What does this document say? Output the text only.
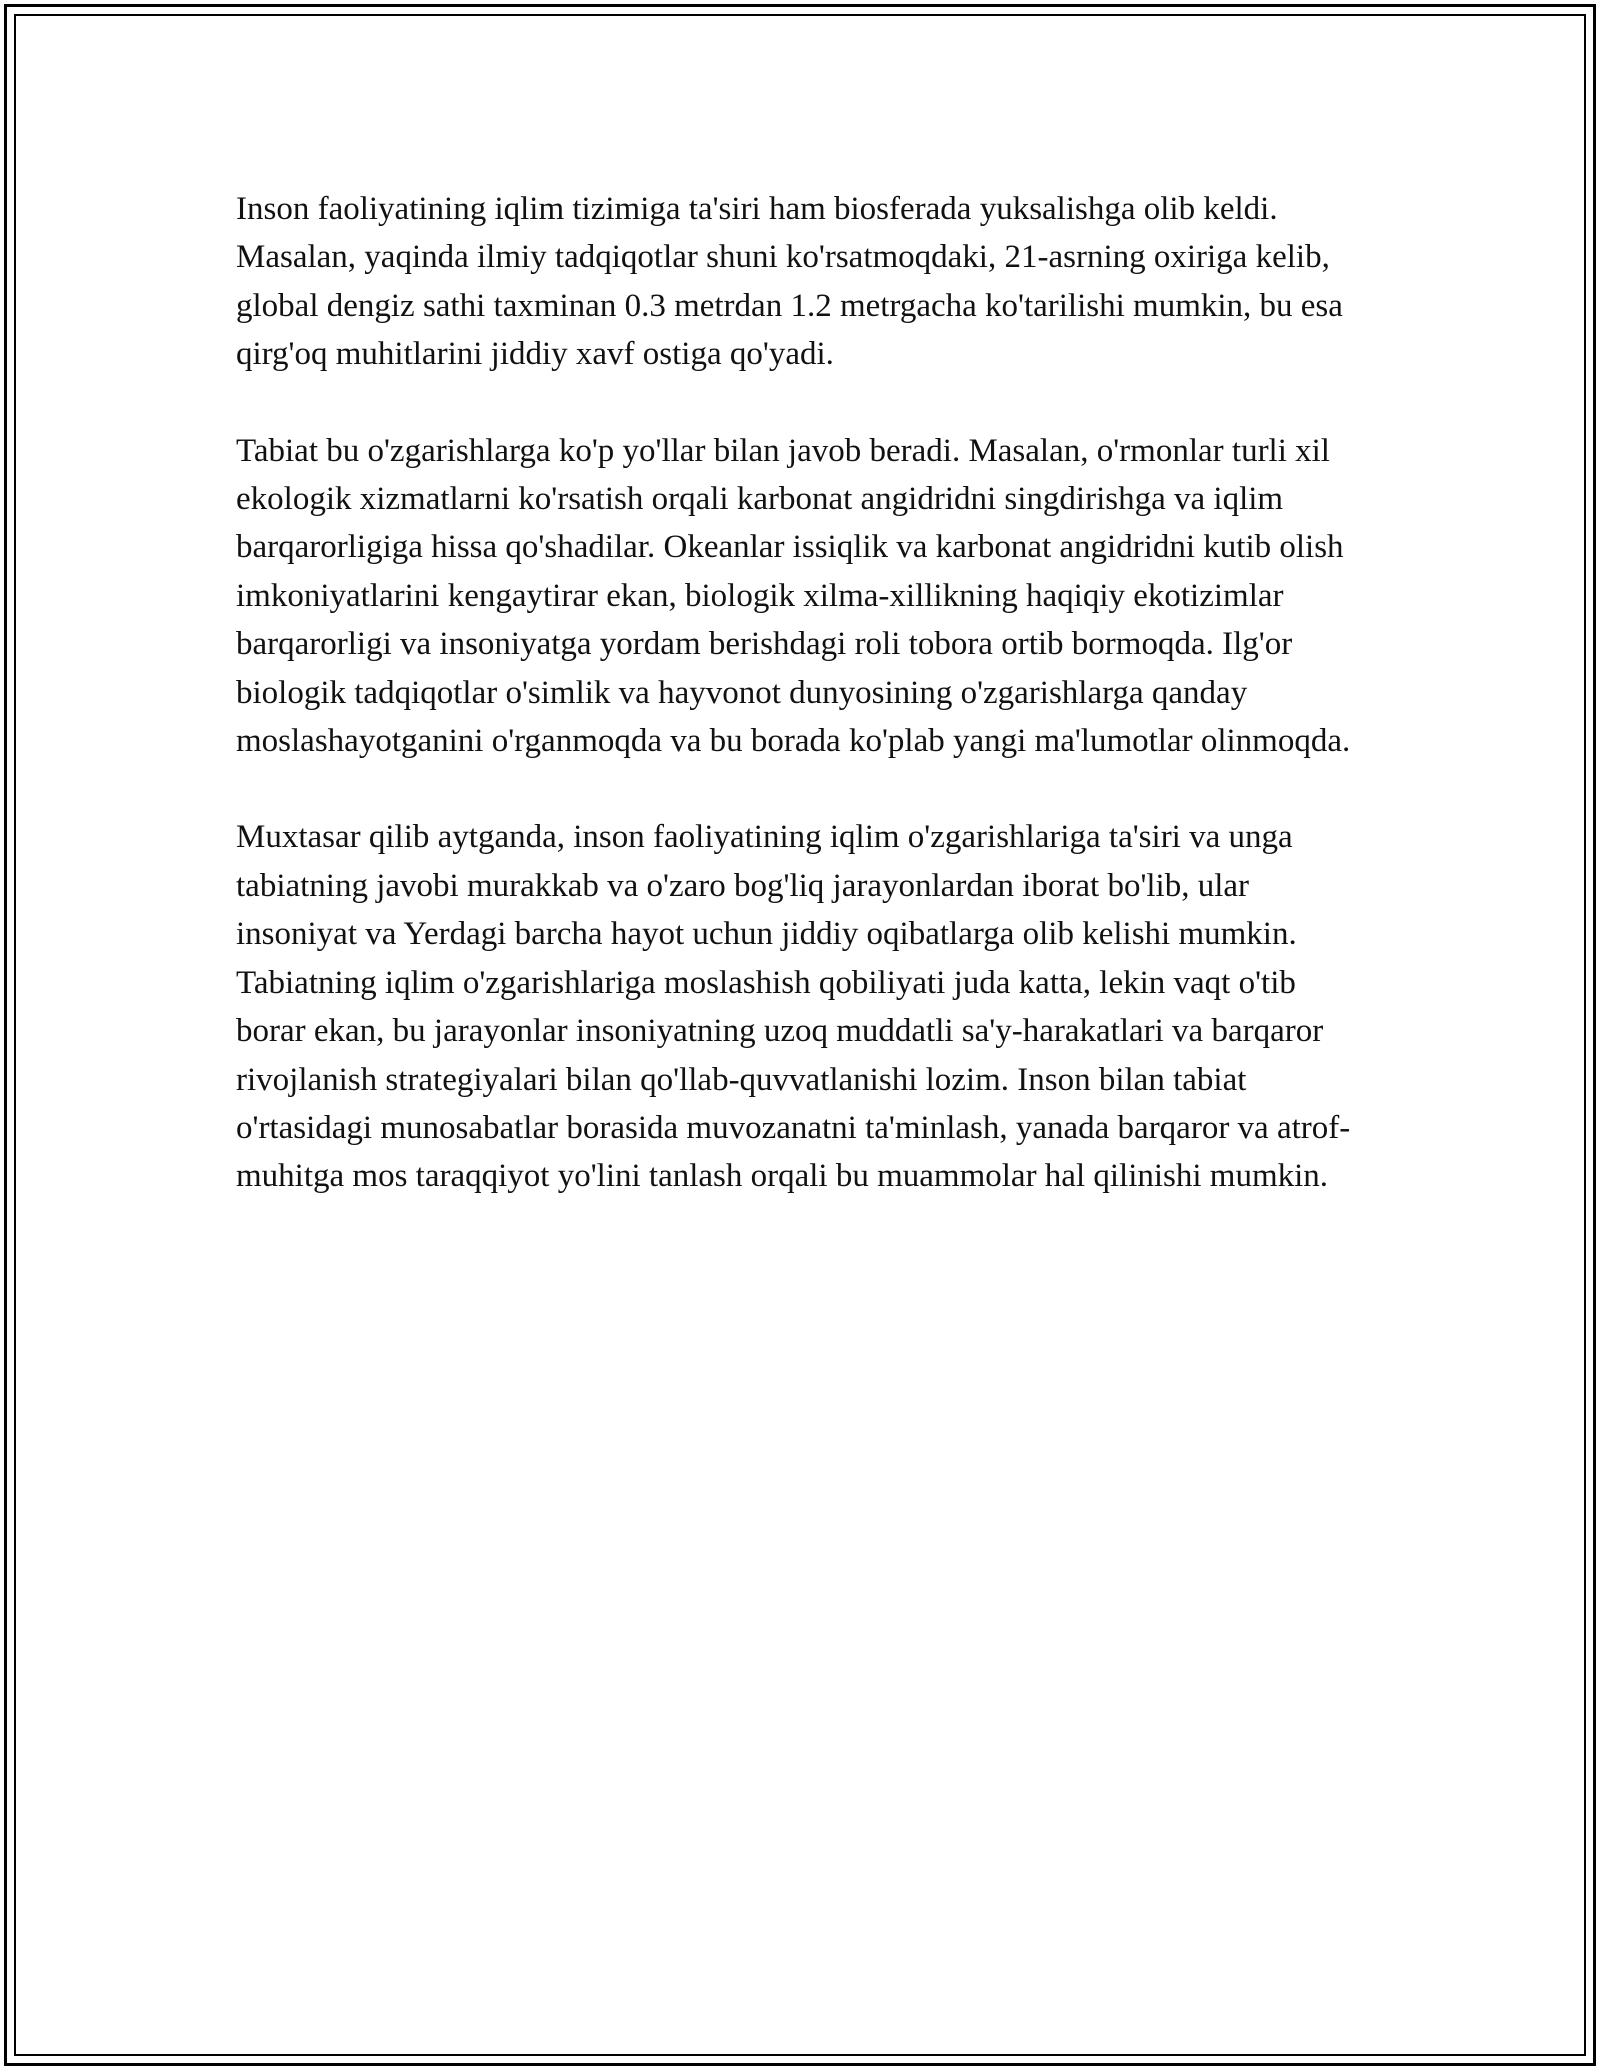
Inson faoliyatining iqlim tizimiga ta'siri ham biosferada yuksalishga olib keldi. Masalan, yaqinda ilmiy tadqiqotlar shuni ko'rsatmoqdaki, 21-asrning oxiriga kelib, global dengiz sathi taxminan 0.3 metrdan 1.2 metrgacha ko'tarilishi mumkin, bu esa qirg'oq muhitlarini jiddiy xavf ostiga qo'yadi.

Tabiat bu o'zgarishlarga ko'p yo'llar bilan javob beradi. Masalan, o'rmonlar turli xil ekologik xizmatlarni ko'rsatish orqali karbonat angidridni singdirishga va iqlim barqarorligiga hissa qo'shadilar. Okeanlar issiqlik va karbonat angidridni kutib olish imkoniyatlarini kengaytirar ekan, biologik xilma-xillikning haqiqiy ekotizimlar barqarorligi va insoniyatga yordam berishdagi roli tobora ortib bormoqda. Ilg'or biologik tadqiqotlar o'simlik va hayvonot dunyosining o'zgarishlarga qanday moslashayotganini o'rganmoqda va bu borada ko'plab yangi ma'lumotlar olinmoqda.

Muxtasar qilib aytganda, inson faoliyatining iqlim o'zgarishlariga ta'siri va unga tabiatning javobi murakkab va o'zaro bog'liq jarayonlardan iborat bo'lib, ular insoniyat va Yerdagi barcha hayot uchun jiddiy oqibatlarga olib kelishi mumkin. Tabiatning iqlim o'zgarishlariga moslashish qobiliyati juda katta, lekin vaqt o'tib borar ekan, bu jarayonlar insoniyatning uzoq muddatli sa'y-harakatlari va barqaror rivojlanish strategiyalari bilan qo'llab-quvvatlanishi lozim. Inson bilan tabiat o'rtasidagi munosabatlar borasida muvozanatni ta'minlash, yanada barqaror va atrof-muhitga mos taraqqiyot yo'lini tanlash orqali bu muammolar hal qilinishi mumkin.
